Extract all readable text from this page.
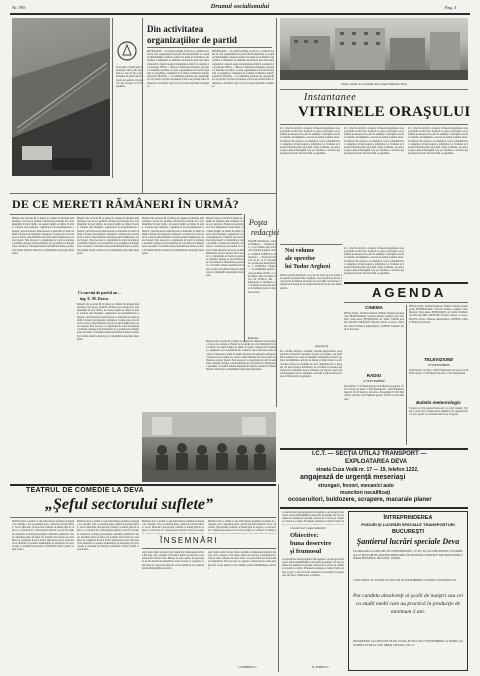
Nr. 595	Drumul socialismului	Pag. 3
În această coloană sunt prezentate câteva din sarcinile ce stau în faţa organizaţiilor de partid în perioada de toamnă şi modul în care acestea vor fi îndeplinite.
Din activitatea
organizaţiilor de partid
PETROŞANI — În cadrul şedinţei de birou s-a analizat modul în care organizaţiile de partid din întreprinderi se ocupă de îmbunătăţirea muncii politice de masă şi de întărirea disciplinei. Comuniştii au subliniat necesitatea unei mai bune organizări a muncii pentru îndeplinirea ritmică a planului de producţie. DEVA — Biroul comitetului orăşenesc de partid a dezbătut sarcinile ce revin organizaţiilor de bază în legătură cu pregătirea campaniei de toamnă şi întărirea muncii educative. HAŢEG — La adunările generale ale organizaţiilor de partid s-au făcut propuneri valoroase privind buna desfăşurare a lucrărilor agricole şi folosirea raţională a utilajelor.
PETROŞANI — În cadrul şedinţei de birou s-a analizat modul în care organizaţiile de partid din întreprinderi se ocupă de îmbunătăţirea muncii politice de masă şi de întărirea disciplinei. Comuniştii au subliniat necesitatea unei mai bune organizări a muncii pentru îndeplinirea ritmică a planului de producţie. DEVA — Biroul comitetului orăşenesc de partid a dezbătut sarcinile ce revin organizaţiilor de bază în legătură cu pregătirea campaniei de toamnă şi întărirea muncii educative. HAŢEG — La adunările generale ale organizaţiilor de partid s-au făcut propuneri valoroase privind buna desfăşurare a lucrărilor agricole şi folosirea raţională a utilajelor.
Noul cartier de locuinţe din oraşul Simeria-Triaj
Instantanee
VITRINELE ORAŞULUI
Pe o stradă centrală a oraşului, vitrinele magazinelor atrag privirile trecătorilor. Aranjate cu gust şi pricepere, ele prezintă produsele noi sosite în unităţile comerţului socialist: ţesături, încălţăminte, articole de menaj şi multe altele. Lucrătorii din comerţ s-au străduit să ofere cumpărătorilor o imagine cât mai bogată a mărfurilor, iar vitrinele au devenit adevărate mici expoziţii. Seara, luminate, ele dau un aspect plăcut întregului oraş şi constituie o dovadă a grijii pentru servirea cât mai bună a populaţiei.
Pe o stradă centrală a oraşului, vitrinele magazinelor atrag privirile trecătorilor. Aranjate cu gust şi pricepere, ele prezintă produsele noi sosite în unităţile comerţului socialist: ţesături, încălţăminte, articole de menaj şi multe altele. Lucrătorii din comerţ s-au străduit să ofere cumpărătorilor o imagine cât mai bogată a mărfurilor, iar vitrinele au devenit adevărate mici expoziţii. Seara, luminate, ele dau un aspect plăcut întregului oraş şi constituie o dovadă a grijii pentru servirea cât mai bună a populaţiei.
Pe o stradă centrală a oraşului, vitrinele magazinelor atrag privirile trecătorilor. Aranjate cu gust şi pricepere, ele prezintă produsele noi sosite în unităţile comerţului socialist: ţesături, încălţăminte, articole de menaj şi multe altele. Lucrătorii din comerţ s-au străduit să ofere cumpărătorilor o imagine cât mai bogată a mărfurilor, iar vitrinele au devenit adevărate mici expoziţii. Seara, luminate, ele dau un aspect plăcut întregului oraş şi constituie o dovadă a grijii pentru servirea cât mai bună a populaţiei.
DE CE MERETI RĂMÂNERI ÎN URMĂ?
Minerii din sectorul III al minei au obţinut în ultimele luni rezultate care nu pot satisface. Planul de producţie nu a fost îndeplinit în mod ritmic, iar unele brigăzi au rămas în urmă. Cauzele sunt multiple: organizarea necorespunzătoare a muncii, aprovizionarea defectuoasă cu materiale şi lemn de mină, folosirea incompletă a utilajelor. Conducerea sectorului nu a luat la timp măsurile necesare pentru înlăturarea acestor lipsuri. Este necesar ca organizaţia de bază să analizeze temeinic situaţia şi să mobilizeze pe toţi minerii la îndeplinirea sarcinilor. Totodată trebuie intensificată munca politică în rândul tinerilor muncitori şi răspândită experienţa fruntaşilor.
Ce sarcini de partid au ...
ing. E. M. Dorca
Minerii din sectorul III al minei au obţinut în ultimele luni rezultate care nu pot satisface. Planul de producţie nu a fost îndeplinit în mod ritmic, iar unele brigăzi au rămas în urmă. Cauzele sunt multiple: organizarea necorespunzătoare a muncii, aprovizionarea defectuoasă cu materiale şi lemn de mină, folosirea incompletă a utilajelor. Conducerea sectorului nu a luat la timp măsurile necesare pentru înlăturarea acestor lipsuri. Este necesar ca organizaţia de bază să analizeze temeinic situaţia şi să mobilizeze pe toţi minerii la îndeplinirea sarcinilor. Totodată trebuie intensificată munca politică în rândul tinerilor muncitori şi răspândită experienţa fruntaşilor.
Minerii din sectorul III al minei au obţinut în ultimele luni rezultate care nu pot satisface. Planul de producţie nu a fost îndeplinit în mod ritmic, iar unele brigăzi au rămas în urmă. Cauzele sunt multiple: organizarea necorespunzătoare a muncii, aprovizionarea defectuoasă cu materiale şi lemn de mină, folosirea incompletă a utilajelor. Conducerea sectorului nu a luat la timp măsurile necesare pentru înlăturarea acestor lipsuri. Este necesar ca organizaţia de bază să analizeze temeinic situaţia şi să mobilizeze pe toţi minerii la îndeplinirea sarcinilor. Totodată trebuie intensificată munca politică în rândul tinerilor muncitori şi răspândită experienţa fruntaşilor.
Minerii din sectorul III al minei au obţinut în ultimele luni rezultate care nu pot satisface. Planul de producţie nu a fost îndeplinit în mod ritmic, iar unele brigăzi au rămas în urmă. Cauzele sunt multiple: organizarea necorespunzătoare a muncii, aprovizionarea defectuoasă cu materiale şi lemn de mină, folosirea incompletă a utilajelor. Conducerea sectorului nu a luat la timp măsurile necesare pentru înlăturarea acestor lipsuri. Este necesar ca organizaţia de bază să analizeze temeinic situaţia şi să mobilizeze pe toţi minerii la îndeplinirea sarcinilor. Totodată trebuie intensificată munca politică în rândul tinerilor muncitori şi răspândită experienţa fruntaşilor.
Minerii din sectorul III al minei au obţinut în ultimele luni rezultate care nu pot satisface. Planul de producţie nu a fost îndeplinit în mod ritmic, iar unele brigăzi au rămas în urmă. Cauzele sunt multiple: organizarea necorespunzătoare a muncii, aprovizionarea defectuoasă cu materiale şi lemn de mină, folosirea incompletă a utilajelor. Conducerea sectorului nu a luat la timp măsurile necesare pentru înlăturarea acestor lipsuri. Este necesar ca organizaţia de bază să analizeze temeinic situaţia şi să mobilizeze pe toţi minerii la îndeplinirea sarcinilor. Totodată trebuie intensificată munca politică în rândul tinerilor muncitori şi răspândită experienţa fruntaşilor.
Poşta
redacţiei
NAGHI ROZALIA, comuna Brănişca — Sesizarea dv. a fost trimisă spre rezolvare sfatului popular raional. VASILE POPESCU, Hunedoara — Problema ridicată de dv. va fi cercetată de conducerea întreprinderii. I. CIONTEA, Orăştie — Vă mulţumim pentru corespondenţa trimisă; o vom publica într-un număr viitor. M. STOICA, Ilia — Răspunsul la întrebarea dv. îl găsiţi în articolul apărut în numărul trecut al ziarului nostru.
Redacţia
Noi volume
ale operelor
lui Tudor Arghezi
Editura pentru literatură a scos de sub tipar un nou volum din operele poetului Tudor Arghezi, care cuprinde poezii şi proză scrise în diferite perioade ale activităţii sale literare. Volumul este însoţit de un studiu introductiv şi de note bibliografice.
(Agerpres)
Pe o stradă centrală a oraşului, vitrinele magazinelor atrag privirile trecătorilor. Aranjate cu gust şi pricepere, ele prezintă produsele noi sosite în unităţile comerţului socialist: ţesături, încălţăminte, articole de menaj şi multe altele. Lucrătorii din comerţ s-au străduit să ofere cumpărătorilor o imagine cât mai bogată a mărfurilor, iar vitrinele au devenit adevărate mici expoziţii. Seara, luminate, ele dau un aspect plăcut întregului oraş şi constituie o dovadă a grijii pentru servirea cât mai bună a populaţiei.
AGENDA
CINEMA
DEVA: Patria: Ultimul mohican; Filmul: Femeia necunoscută. HUNEDOARA: Victoria: Printre colinele verzi; Modern: Valea mare. PETROŞANI: Al. Sahia: Ultimul tren din Gun Hill. ORĂŞTIE: Flacăra: Moara cu noroc. HAŢEG: Dacia: Pădurea spânzuraţilor. LUPENI: Cultural: Hoţii de biciclete.
RADIO
18 SEPTEMBRIE
Programul I: 7.00 Radiojurnal; 8.00 Muzică populară; 10.00 Concert de prânz; 13.00 Radiojurnal; 16.00 Emisiune literară; 18.30 Teatru la microfon. Programul II: 9.00 Melodii de estradă; 14.30 Muzică uşoară; 20.00 Concert simfonic.
DEVA: Patria: Ultimul mohican; Filmul: Femeia necunoscută. HUNEDOARA: Victoria: Printre colinele verzi; Modern: Valea mare. PETROŞANI: Al. Sahia: Ultimul tren din Gun Hill. ORĂŞTIE: Flacăra: Moara cu noroc. HAŢEG: Dacia: Pădurea spânzuraţilor. LUPENI: Cultural: Hoţii de biciclete.
TELEVIZIUNE
18 SEPTEMBRIE
18.00 Pentru cei mici; 19.00 Telejurnalul de seară; 19.30 Film artistic; 21.00 Muzică uşoară; 21.30 Telejurnalul.
Buletin meteorologic
Vremea va fi în general frumoasă, cu cerul variabil. Vântul va sufla slab. Temperatura minimă va fi cuprinsă între 5 şi 15 grade, iar maxima între 18 şi 28 grade.
Minerii din sectorul III al minei au obţinut în ultimele luni rezultate care nu pot satisface. Planul de producţie nu a fost îndeplinit în mod ritmic, iar unele brigăzi au rămas în urmă. Cauzele sunt multiple: organizarea necorespunzătoare a muncii, aprovizionarea defectuoasă cu materiale şi lemn de mină, folosirea incompletă a utilajelor. Conducerea sectorului nu a luat la timp măsurile necesare pentru înlăturarea acestor lipsuri. Este necesar ca organizaţia de bază să analizeze temeinic situaţia şi să mobilizeze pe toţi minerii la îndeplinirea sarcinilor. Totodată trebuie intensificată munca politică în rândul tinerilor muncitori şi răspândită experienţa fruntaşilor.
Pe o stradă centrală a oraşului, vitrinele magazinelor atrag privirile trecătorilor. Aranjate cu gust şi pricepere, ele prezintă produsele noi sosite în unităţile comerţului socialist: ţesături, încălţăminte, articole de menaj şi multe altele. Lucrătorii din comerţ s-au străduit să ofere cumpărătorilor o imagine cât mai bogată a mărfurilor, iar vitrinele au devenit adevărate mici expoziţii. Seara, luminate, ele dau un aspect plăcut întregului oraş şi constituie o dovadă a grijii pentru servirea cât mai bună a populaţiei.
I.C.T. — SECŢIA UTILAJ TRANSPORT —
EXPLOATAREA DEVA
strada Cuza Vodă nr. 17 — 19, telefon 1222,
angajează de urgenţă meseriaşi
strungari, frezori, mecanici auto
muncitori necalificaţi
ocoseruitori, buldozere, scrapere, macarale planer
TEATRUL DE COMEDIE LA DEVA
„Şeful sectorului suflete”
Publicul deva a primit cu deosebit interes premiera teatrului de comedie, care a prezentat piesa „Şeful sectorului suflete” de Al. Mirodan. Spectacolul, realizat cu multă grijă de regizor, s-a bucurat de o interpretare unitară. Actorii au reuşit să contureze cu fineţe personajele comediei, punând în valoare situaţiile pline de umor ale textului. Decorurile şi costumele au completat în mod fericit atmosfera piesei. Spectatorii au răsplătit cu aplauze îndelungate pe interpreţi, iar spectacolul a constituit un adevărat eveniment artistic pentru oraşul nostru.
Publicul deva a primit cu deosebit interes premiera teatrului de comedie, care a prezentat piesa „Şeful sectorului suflete” de Al. Mirodan. Spectacolul, realizat cu multă grijă de regizor, s-a bucurat de o interpretare unitară. Actorii au reuşit să contureze cu fineţe personajele comediei, punând în valoare situaţiile pline de umor ale textului. Decorurile şi costumele au completat în mod fericit atmosfera piesei. Spectatorii au răsplătit cu aplauze îndelungate pe interpreţi, iar spectacolul a constituit un adevărat eveniment artistic pentru oraşul nostru.
ÎNSEMNĂRI
Publicul deva a primit cu deosebit interes premiera teatrului de comedie, care a prezentat piesa „Şeful sectorului suflete” de Al. Mirodan. Spectacolul, realizat cu multă grijă de regizor, s-a bucurat de o interpretare unitară. Actorii au reuşit
Publicul deva a primit cu deosebit interes premiera teatrului de comedie, care a prezentat piesa „Şeful sectorului suflete” de Al. Mirodan. Spectacolul, realizat cu multă grijă de regizor, s-a bucurat de o interpretare unitară. Actorii au reuşit să contureze cu fineţe p
Am vizitat zilele trecute câteva unităţi de alimentaţie publică din oraş. Am constatat că în unele dintre ele servirea consumatorilor lasă de dorit. Mesele nu sunt curate, iar personalul nu dă dovadă de amabilitate. Este necesar ca organele comerciale să controleze mai des aceste unităţi şi să ia măsuri pentru îmbunătăţirea servirii.
Am vizitat zilele trecute câteva unităţi de alimentaţie publică din oraş. Am constatat că în unele dintre ele servirea consumatorilor lasă de dorit. Mesele nu sunt curate, iar personalul nu dă dovadă de amabilitate. Este necesar ca organele comerciale să controleze mai des aceste unităţi şi să ia măsuri pentru îmbunătăţirea servirii.
I. DOBRESCU
Cooperativele meşteşugăreşti din regiune s-au angajat în întrecere pentru îmbunătăţirea deservirii populaţiei. Au fost deschise noi unităţi de reparaţii, ateliere de croitorie şi cizmărie, frizerii şi coafuri. Produsele realizate se remarcă prin cal
Concursul cooperativelor
Obiective:
buna deservire
şi frumosul
Cooperativele meşteşugăreşti din regiune s-au angajat în întrecere pentru îmbunătăţirea deservirii populaţiei. Au fost deschise noi unităţi de reparaţii, ateliere de croitorie şi cizmărie, frizerii şi coafuri. Produsele realizate se remarcă prin calitate şi gust. Cele mai bune rezultate le-au obţinut cooperativele din Deva, Hunedoara şi Orăştie.
N. POPESCU
ÎNTREPRINDEREA
PODURI ŞI LUCRĂRI SPECIALE TRANSPORTURI
BUCUREŞTI
Şantierul lucrări speciale Deva
VA ORGANIZA CONCURS ÎN CONFORMITATE CU H.C.M. 914/1968 PENTRU OCUPAREA A 10 POSTURI DE MAIŞTRI PRINCIPALI ÎN MESERIA CONSTRUCTOR MONTATOR, FIERAR BETONIST, MECANIC, ŞOFER.
CONCURSUL SE VA ŢINE ÎN ZIUA DE 28 SEPTEMBRIE LA SEDIUL ŞANTIERULUI.
Pot candida absolvenţi ai şcolii de maiştri sau cei cu studii medii care au practică în producţie de minimum 3 ani.
ÎNSCRIERILE LA CONCURS SE FAC PÂNĂ ÎN ZIUA DE 25 SEPTEMBRIE LA SEDIUL ŞANTIERULUI DEVA, STR. MIHAI VITEAZU NR. 12.
